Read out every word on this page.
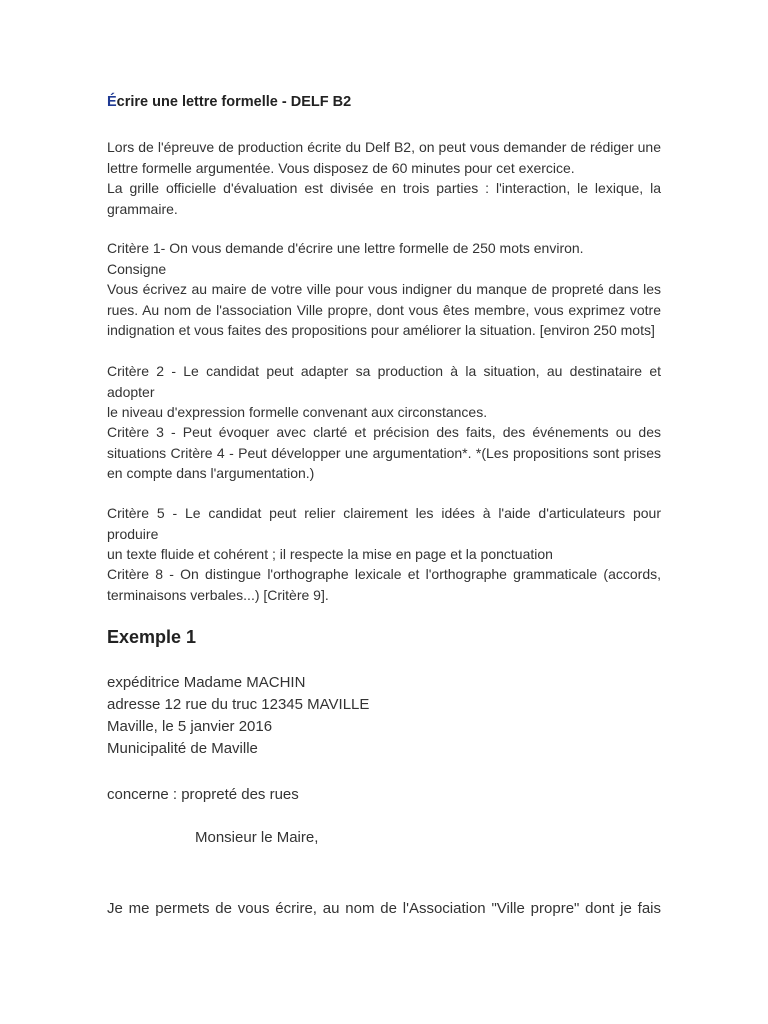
Écrire une lettre formelle - DELF B2
Lors de l'épreuve de production écrite du Delf B2, on peut vous demander de rédiger une
lettre formelle argumentée. Vous disposez de 60 minutes pour cet exercice.
La grille officielle d'évaluation est divisée en trois parties : l'interaction, le lexique, la
grammaire.
Critère 1- On vous demande d'écrire une lettre formelle de 250 mots environ.
Consigne
Vous écrivez au maire de votre ville pour vous indigner du manque de propreté dans les
rues. Au nom de l'association Ville propre, dont vous êtes membre, vous exprimez votre
indignation et vous faites des propositions pour améliorer la situation. [environ 250 mots]
Critère 2 - Le candidat peut adapter sa production à la situation, au destinataire et adopter
le niveau d'expression formelle convenant aux circonstances.
Critère 3 - Peut évoquer avec clarté et précision des faits, des événements ou des
situations Critère 4 - Peut développer une argumentation*. *(Les propositions sont prises
en compte dans l'argumentation.)
Critère 5 - Le candidat peut relier clairement les idées à l'aide d'articulateurs pour produire
un texte fluide et cohérent ; il respecte la mise en page et la ponctuation
Critère 8 - On distingue l'orthographe lexicale et l'orthographe grammaticale (accords,
terminaisons verbales...) [Critère 9].
Exemple 1
expéditrice Madame MACHIN
adresse 12 rue du truc 12345 MAVILLE
Maville, le 5 janvier 2016
Municipalité de Maville
concerne : propreté des rues
Monsieur le Maire,
Je me permets de vous écrire, au nom de l'Association "Ville propre" dont je fais
